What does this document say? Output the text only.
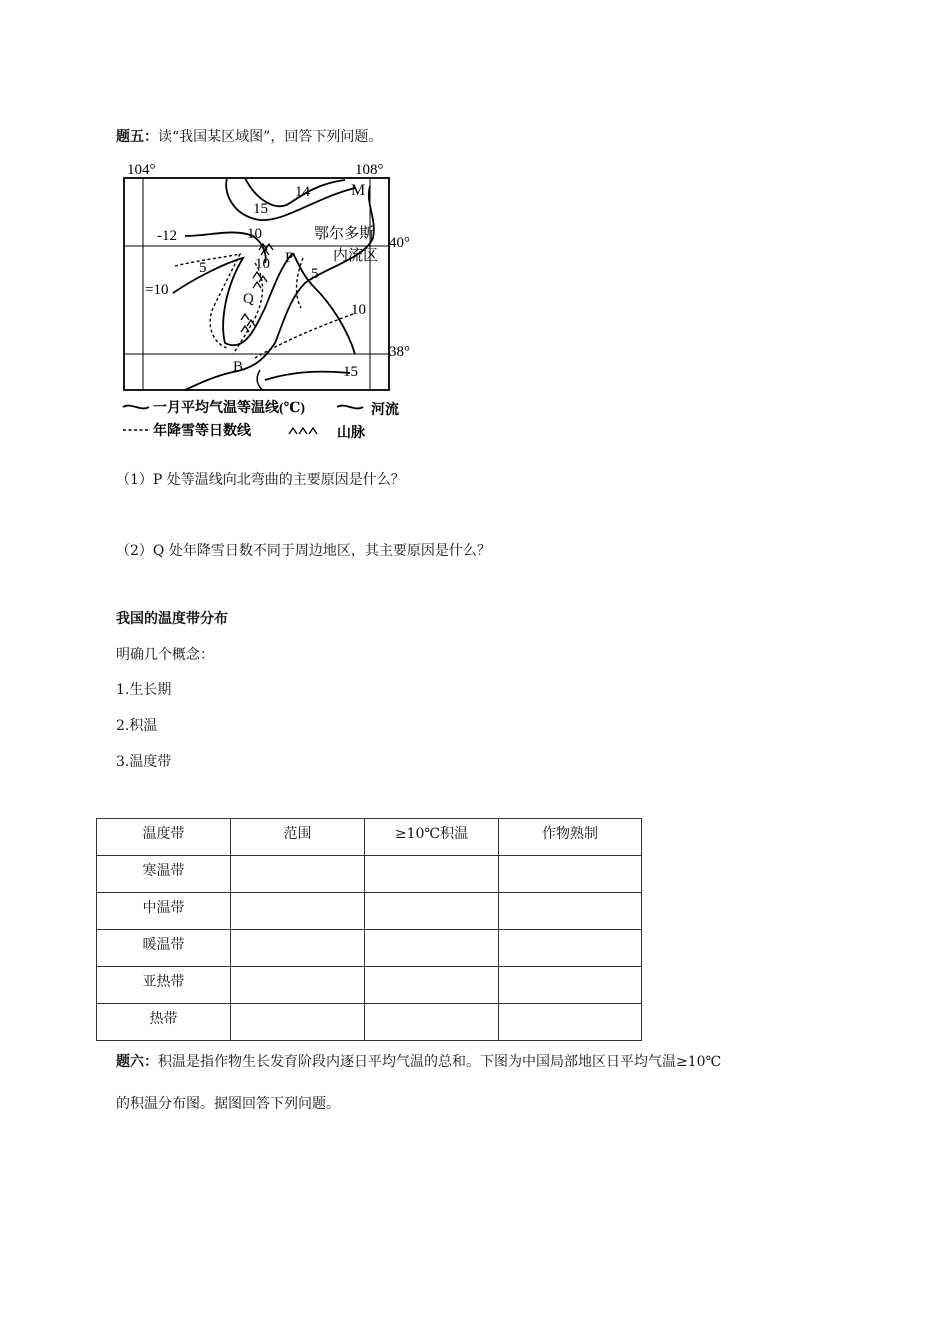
题五：读“我国某区域图”，回答下列问题。
104°	108°
40°
38°
M
P
Q
B
鄂尔多斯
内流区
-12
=10
10
14
15
15
5	10
5
10
一月平均气温等温线(℃)	河流
年降雪等日数线	山脉
（1）P 处等温线向北弯曲的主要原因是什么？
（2）Q 处年降雪日数不同于周边地区，其主要原因是什么？
我国的温度带分布
明确几个概念：
1.生长期
2.积温
3.温度带
温度带	范围	≥10℃积温	作物熟制
寒温带			
中温带			
暖温带			
亚热带			
热带			
题六：积温是指作物生长发育阶段内逐日平均气温的总和。下图为中国局部地区日平均气温≥10℃
的积温分布图。据图回答下列问题。
